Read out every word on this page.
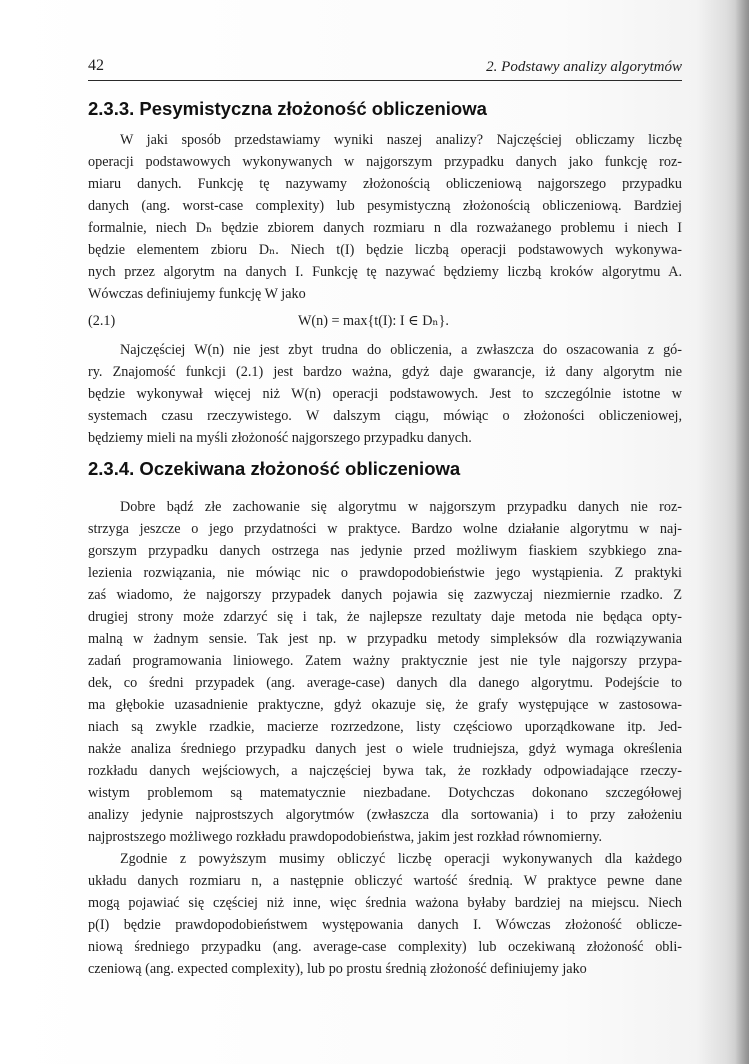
42	2. Podstawy analizy algorytmów
2.3.3. Pesymistyczna złożoność obliczeniowa
W jaki sposób przedstawiamy wyniki naszej analizy? Najczęściej obliczamy liczbę
operacji podstawowych wykonywanych w najgorszym przypadku danych jako funkcję roz-
miaru danych. Funkcję tę nazywamy złożonością obliczeniową najgorszego przypadku
danych (ang. worst-case complexity) lub pesymistyczną złożonością obliczeniową. Bardziej
formalnie, niech Dₙ będzie zbiorem danych rozmiaru n dla rozważanego problemu i niech I
będzie elementem zbioru Dₙ. Niech t(I) będzie liczbą operacji podstawowych wykonywa-
nych przez algorytm na danych I. Funkcję tę nazywać będziemy liczbą kroków algorytmu A.
Wówczas definiujemy funkcję W jako
(2.1)	W(n) = max{t(I): I ∈ Dₙ}.
Najczęściej W(n) nie jest zbyt trudna do obliczenia, a zwłaszcza do oszacowania z gó-
ry. Znajomość funkcji (2.1) jest bardzo ważna, gdyż daje gwarancje, iż dany algorytm nie
będzie wykonywał więcej niż W(n) operacji podstawowych. Jest to szczególnie istotne w
systemach czasu rzeczywistego. W dalszym ciągu, mówiąc o złożoności obliczeniowej,
będziemy mieli na myśli złożoność najgorszego przypadku danych.
2.3.4. Oczekiwana złożoność obliczeniowa
Dobre bądź złe zachowanie się algorytmu w najgorszym przypadku danych nie roz-
strzyga jeszcze o jego przydatności w praktyce. Bardzo wolne działanie algorytmu w naj-
gorszym przypadku danych ostrzega nas jedynie przed możliwym fiaskiem szybkiego zna-
lezienia rozwiązania, nie mówiąc nic o prawdopodobieństwie jego wystąpienia. Z praktyki
zaś wiadomo, że najgorszy przypadek danych pojawia się zazwyczaj niezmiernie rzadko. Z
drugiej strony może zdarzyć się i tak, że najlepsze rezultaty daje metoda nie będąca opty-
malną w żadnym sensie. Tak jest np. w przypadku metody simpleksów dla rozwiązywania
zadań programowania liniowego. Zatem ważny praktycznie jest nie tyle najgorszy przypa-
dek, co średni przypadek (ang. average-case) danych dla danego algorytmu. Podejście to
ma głębokie uzasadnienie praktyczne, gdyż okazuje się, że grafy występujące w zastosowa-
niach są zwykle rzadkie, macierze rozrzedzone, listy częściowo uporządkowane itp. Jed-
nakże analiza średniego przypadku danych jest o wiele trudniejsza, gdyż wymaga określenia
rozkładu danych wejściowych, a najczęściej bywa tak, że rozkłady odpowiadające rzeczy-
wistym problemom są matematycznie niezbadane. Dotychczas dokonano szczegółowej
analizy jedynie najprostszych algorytmów (zwłaszcza dla sortowania) i to przy założeniu
najprostszego możliwego rozkładu prawdopodobieństwa, jakim jest rozkład równomierny.
Zgodnie z powyższym musimy obliczyć liczbę operacji wykonywanych dla każdego
układu danych rozmiaru n, a następnie obliczyć wartość średnią. W praktyce pewne dane
mogą pojawiać się częściej niż inne, więc średnia ważona byłaby bardziej na miejscu. Niech
p(I) będzie prawdopodobieństwem występowania danych I. Wówczas złożoność oblicze-
niową średniego przypadku (ang. average-case complexity) lub oczekiwaną złożoność obli-
czeniową (ang. expected complexity), lub po prostu średnią złożoność definiujemy jako
